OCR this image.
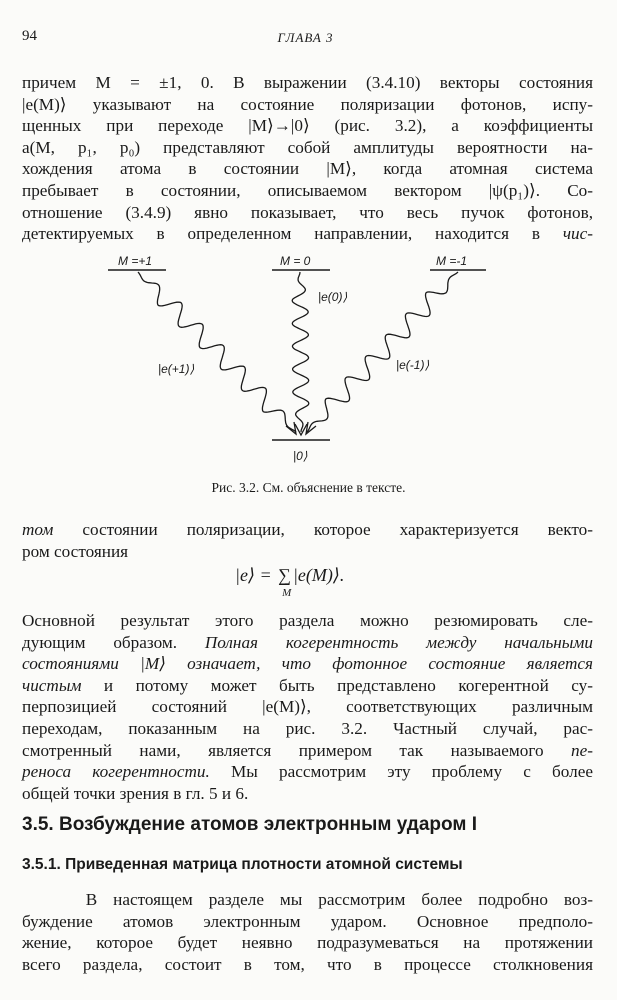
94	ГЛАВА 3
причем M = ±1, 0. В выражении (3.4.10) векторы состояния
|e(M)⟩ указывают на состояние поляризации фотонов, испу-
щенных при переходе |M⟩→|0⟩ (рис. 3.2), а коэффициенты
a(M, p₁, p₀) представляют собой амплитуды вероятности на-
хождения атома в состоянии |M⟩, когда атомная система
пребывает в состоянии, описываемом вектором |ψ(p₁)⟩. Со-
отношение (3.4.9) явно показывает, что весь пучок фотонов,
детектируемых в определенном направлении, находится в чис-
M =+1	M = 0	M =-1
|0⟩
|e(+1)⟩
|e(0)⟩
|e(-1)⟩
Рис. 3.2. См. объяснение в тексте.
том состоянии поляризации, которое характеризуется векто-
ром состояния
|e⟩ = ∑
M
|e(M)⟩.
Основной результат этого раздела можно резюмировать сле-
дующим образом. Полная когерентность между начальными
состояниями |M⟩ означает, что фотонное состояние является
чистым и потому может быть представлено когерентной су-
перпозицией состояний |e(M)⟩, соответствующих различным
переходам, показанным на рис. 3.2. Частный случай, рас-
смотренный нами, является примером так называемого пе-
реноса когерентности. Мы рассмотрим эту проблему с более
общей точки зрения в гл. 5 и 6.
3.5. Возбуждение атомов электронным ударом I
3.5.1. Приведенная матрица плотности атомной системы
В настоящем разделе мы рассмотрим более подробно воз-
буждение атомов электронным ударом. Основное предполо-
жение, которое будет неявно подразумеваться на протяжении
всего раздела, состоит в том, что в процессе столкновения
